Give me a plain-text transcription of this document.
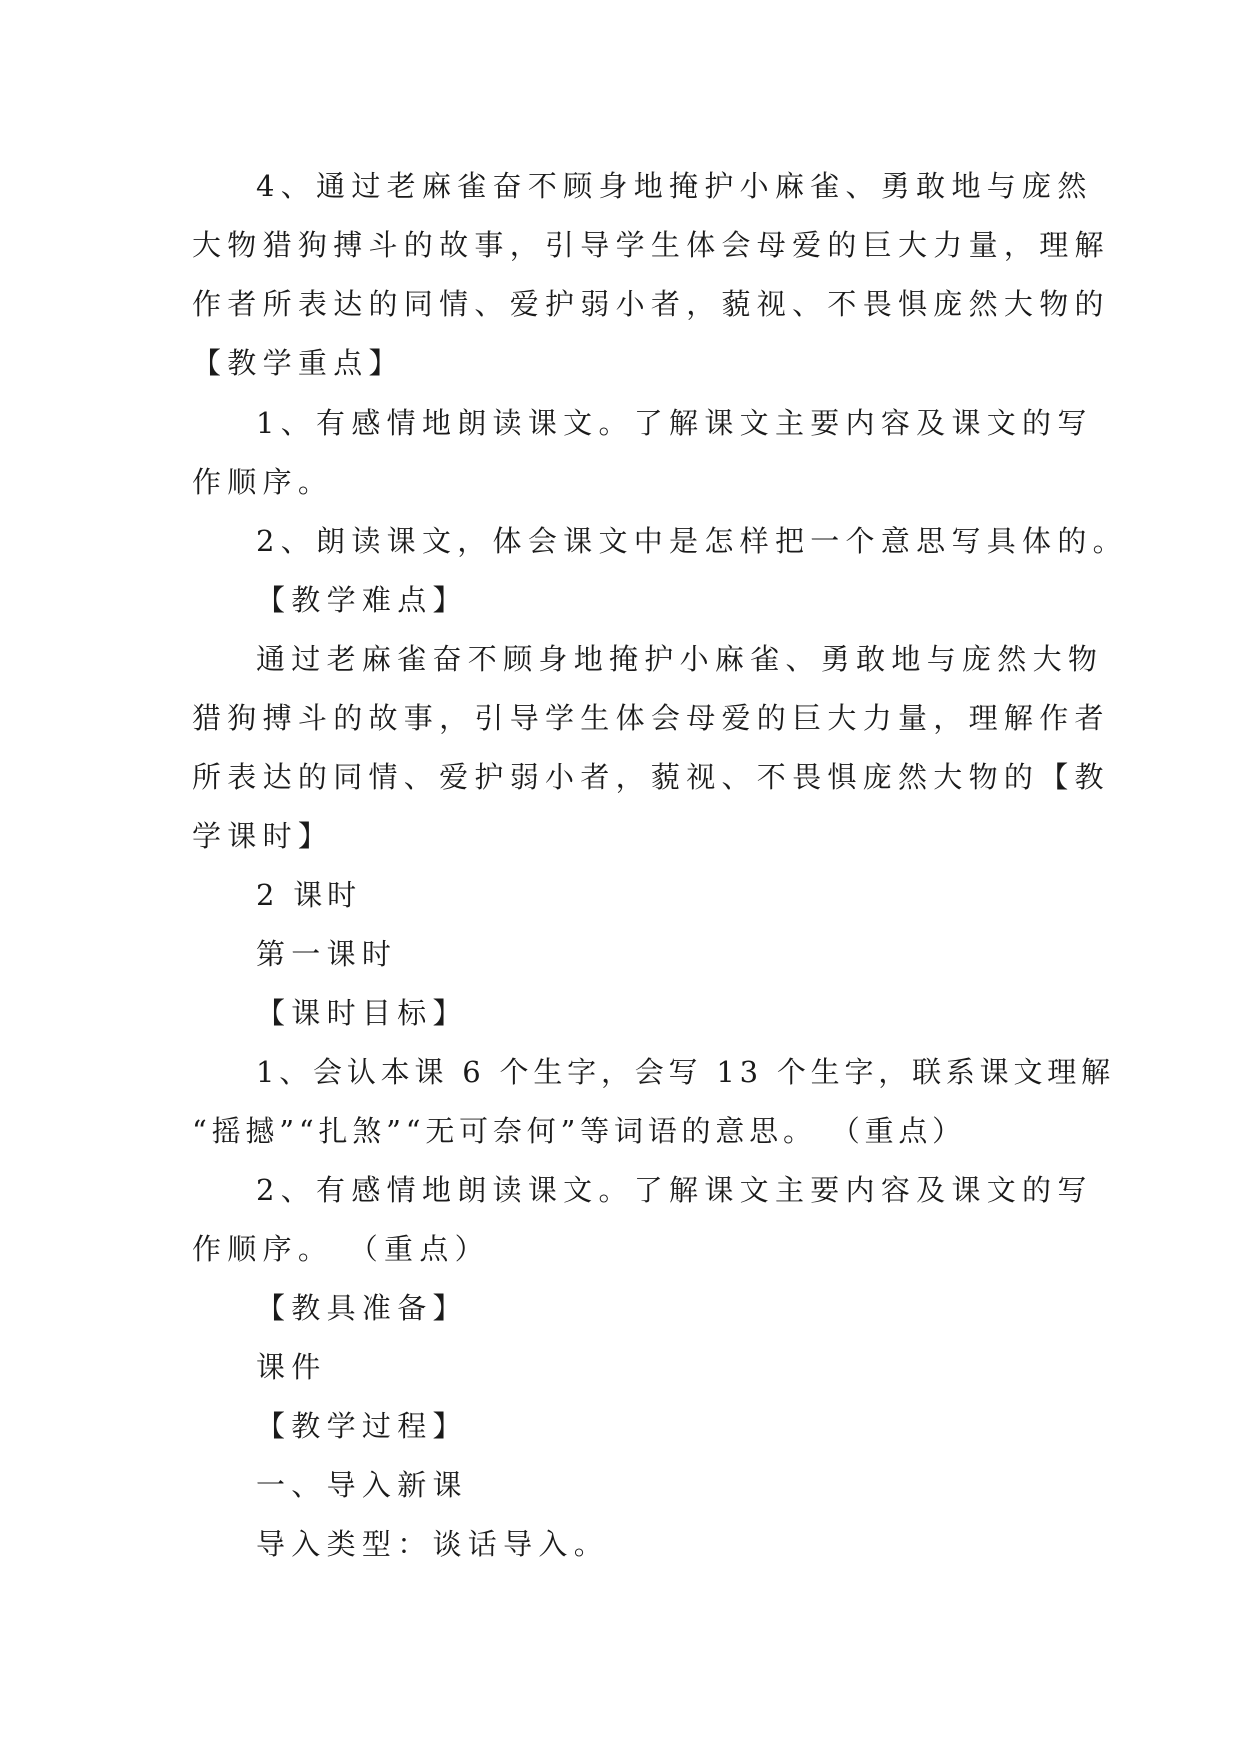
4、通过老麻雀奋不顾身地掩护小麻雀、勇敢地与庞然
大物猎狗搏斗的故事，引导学生体会母爱的巨大力量，理解
作者所表达的同情、爱护弱小者，藐视、不畏惧庞然大物的
【教学重点】
1、有感情地朗读课文。了解课文主要内容及课文的写
作顺序。
2、朗读课文，体会课文中是怎样把一个意思写具体的。
【教学难点】
通过老麻雀奋不顾身地掩护小麻雀、勇敢地与庞然大物
猎狗搏斗的故事，引导学生体会母爱的巨大力量，理解作者
所表达的同情、爱护弱小者，藐视、不畏惧庞然大物的【教
学课时】
2 课时
第一课时
【课时目标】
1、会认本课 6 个生字，会写 13 个生字，联系课文理解
“摇撼”“扎煞”“无可奈何”等词语的意思。 （重点）
2、有感情地朗读课文。了解课文主要内容及课文的写
作顺序。 （重点）
【教具准备】
课件
【教学过程】
一、导入新课
导入类型：谈话导入。
